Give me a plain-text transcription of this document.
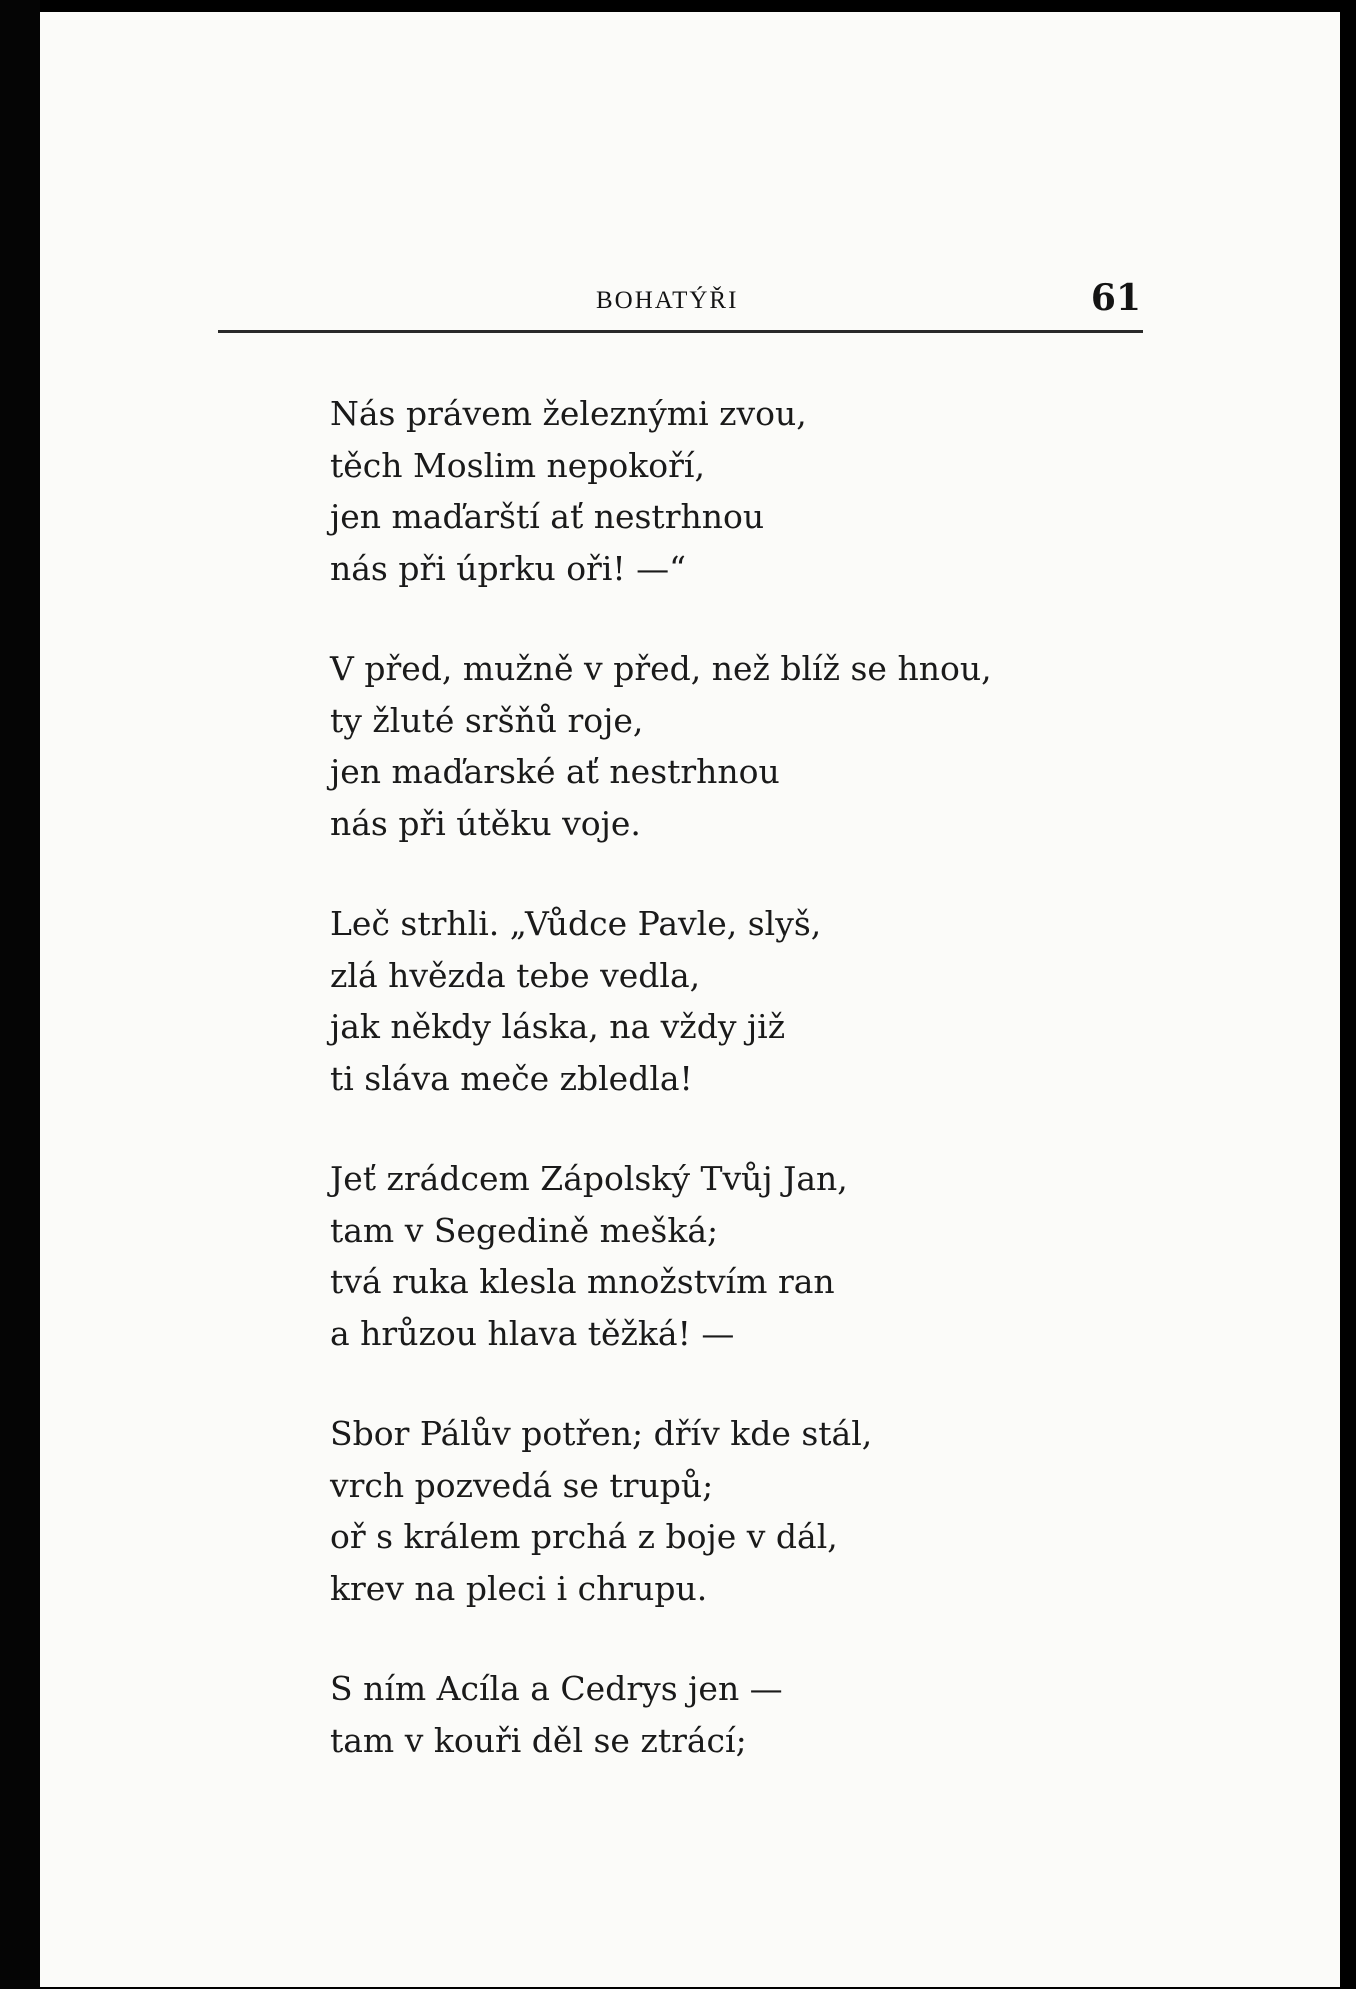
BOHATÝŘI	61
Nás právem železnými zvou,
těch Moslim nepokoří,
jen maďarští ať nestrhnou
nás při úprku oři! —“
V před, mužně v před, než blíž se hnou,
ty žluté sršňů roje,
jen maďarské ať nestrhnou
nás při útěku voje.
Leč strhli. „Vůdce Pavle, slyš,
zlá hvězda tebe vedla,
jak někdy láska, na vždy již
ti sláva meče zbledla!
Jeť zrádcem Zápolský Tvůj Jan,
tam v Segedině mešká;
tvá ruka klesla množstvím ran
a hrůzou hlava těžká! —
Sbor Pálův potřen; dřív kde stál,
vrch pozvedá se trupů;
oř s králem prchá z boje v dál,
krev na pleci i chrupu.
S ním Acíla a Cedrys jen —
tam v kouři děl se ztrácí;
